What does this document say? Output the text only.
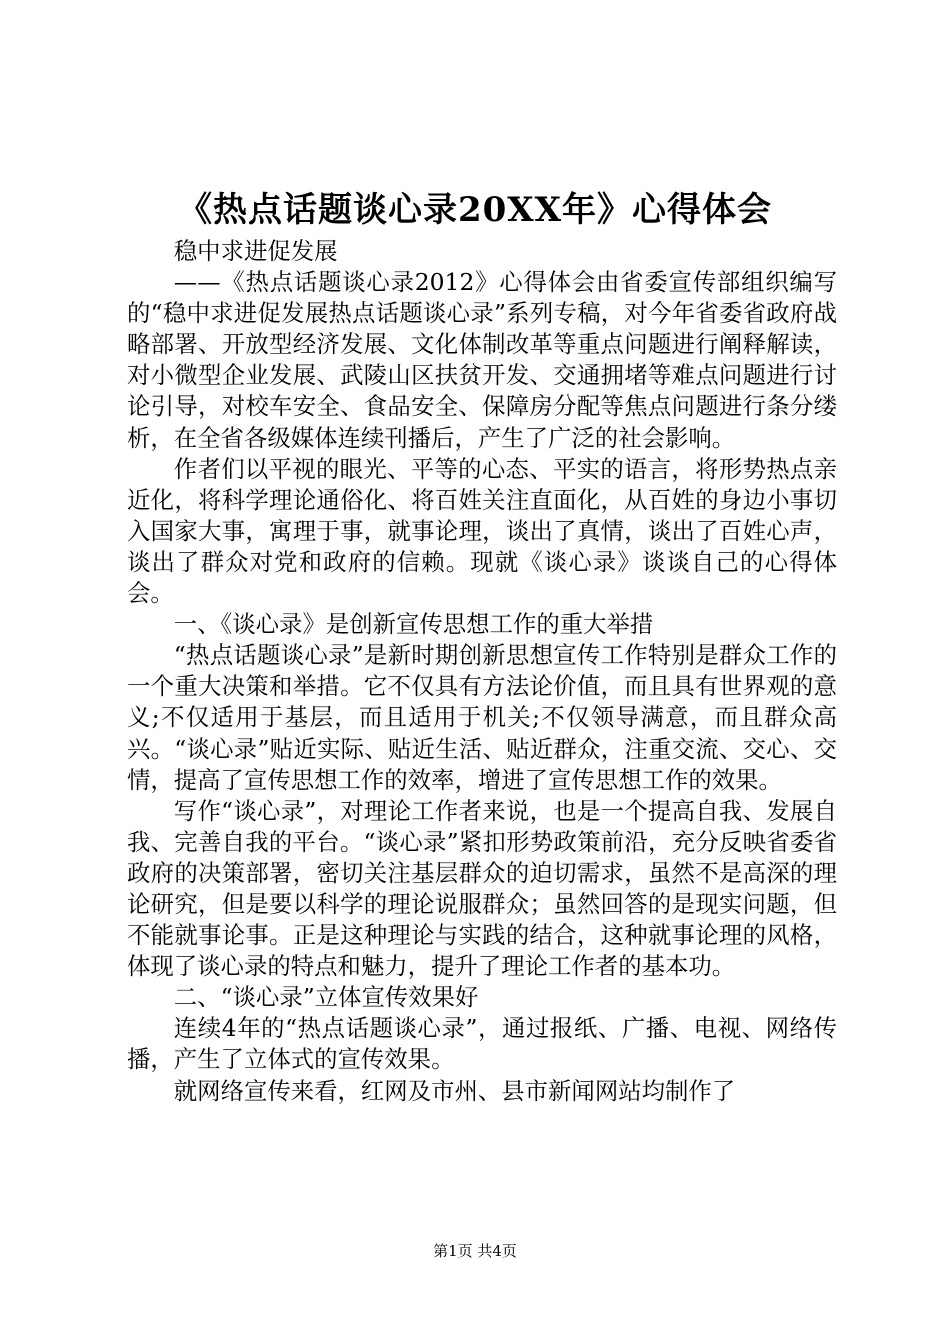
《热点话题谈心录20XX年》心得体会

稳中求进促发展

——《热点话题谈心录2012》心得体会由省委宣传部组织编写的“稳中求进促发展热点话题谈心录”系列专稿，对今年省委省政府战略部署、开放型经济发展、文化体制改革等重点问题进行阐释解读，对小微型企业发展、武陵山区扶贫开发、交通拥堵等难点问题进行讨论引导，对校车安全、食品安全、保障房分配等焦点问题进行条分缕析，在全省各级媒体连续刊播后，产生了广泛的社会影响。

作者们以平视的眼光、平等的心态、平实的语言，将形势热点亲近化，将科学理论通俗化、将百姓关注直面化，从百姓的身边小事切入国家大事，寓理于事，就事论理，谈出了真情，谈出了百姓心声，谈出了群众对党和政府的信赖。现就《谈心录》谈谈自己的心得体会。

一、《谈心录》是创新宣传思想工作的重大举措

“热点话题谈心录”是新时期创新思想宣传工作特别是群众工作的一个重大决策和举措。它不仅具有方法论价值，而且具有世界观的意义;不仅适用于基层，而且适用于机关;不仅领导满意，而且群众高兴。“谈心录”贴近实际、贴近生活、贴近群众，注重交流、交心、交情，提高了宣传思想工作的效率，增进了宣传思想工作的效果。

写作“谈心录”，对理论工作者来说，也是一个提高自我、发展自我、完善自我的平台。“谈心录”紧扣形势政策前沿，充分反映省委省政府的决策部署，密切关注基层群众的迫切需求，虽然不是高深的理论研究，但是要以科学的理论说服群众；虽然回答的是现实问题，但不能就事论事。正是这种理论与实践的结合，这种就事论理的风格，体现了谈心录的特点和魅力，提升了理论工作者的基本功。

二、“谈心录”立体宣传效果好

连续4年的“热点话题谈心录”，通过报纸、广播、电视、网络传播，产生了立体式的宣传效果。

就网络宣传来看，红网及市州、县市新闻网站均制作了

第1页 共4页
